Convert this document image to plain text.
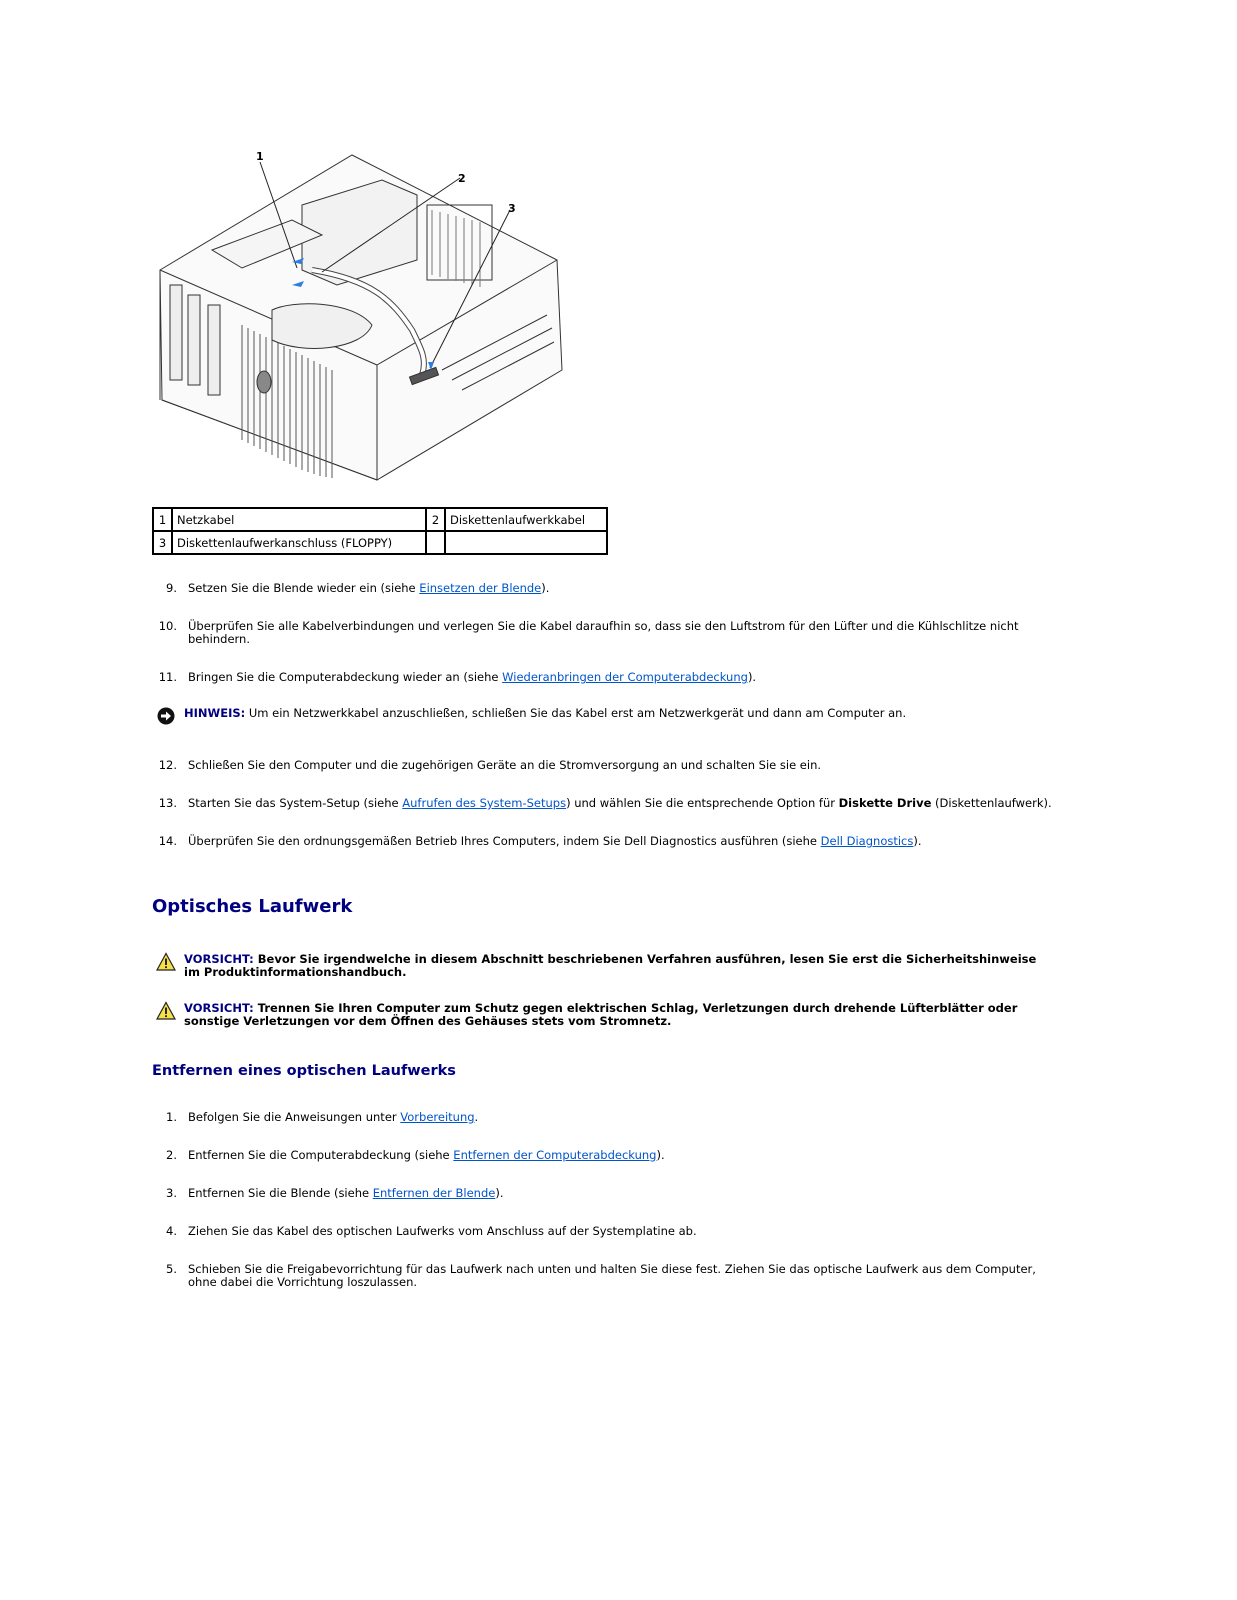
1
2
3
1	Netzkabel	2	Diskettenlaufwerkkabel
3	Diskettenlaufwerkanschluss (FLOPPY)		
9. Setzen Sie die Blende wieder ein (siehe Einsetzen der Blende).
10. Überprüfen Sie alle Kabelverbindungen und verlegen Sie die Kabel daraufhin so, dass sie den Luftstrom für den Lüfter und die Kühlschlitze nicht behindern.
11. Bringen Sie die Computerabdeckung wieder an (siehe Wiederanbringen der Computerabdeckung).
HINWEIS: Um ein Netzwerkkabel anzuschließen, schließen Sie das Kabel erst am Netzwerkgerät und dann am Computer an.
12. Schließen Sie den Computer und die zugehörigen Geräte an die Stromversorgung an und schalten Sie sie ein.
13. Starten Sie das System-Setup (siehe Aufrufen des System-Setups) und wählen Sie die entsprechende Option für Diskette Drive (Diskettenlaufwerk).
14. Überprüfen Sie den ordnungsgemäßen Betrieb Ihres Computers, indem Sie Dell Diagnostics ausführen (siehe Dell Diagnostics).
Optisches Laufwerk
VORSICHT: Bevor Sie irgendwelche in diesem Abschnitt beschriebenen Verfahren ausführen, lesen Sie erst die Sicherheitshinweise im Produktinformationshandbuch.
VORSICHT: Trennen Sie Ihren Computer zum Schutz gegen elektrischen Schlag, Verletzungen durch drehende Lüfterblätter oder sonstige Verletzungen vor dem Öffnen des Gehäuses stets vom Stromnetz.
Entfernen eines optischen Laufwerks
1. Befolgen Sie die Anweisungen unter Vorbereitung.
2. Entfernen Sie die Computerabdeckung (siehe Entfernen der Computerabdeckung).
3. Entfernen Sie die Blende (siehe Entfernen der Blende).
4. Ziehen Sie das Kabel des optischen Laufwerks vom Anschluss auf der Systemplatine ab.
5. Schieben Sie die Freigabevorrichtung für das Laufwerk nach unten und halten Sie diese fest. Ziehen Sie das optische Laufwerk aus dem Computer, ohne dabei die Vorrichtung loszulassen.
